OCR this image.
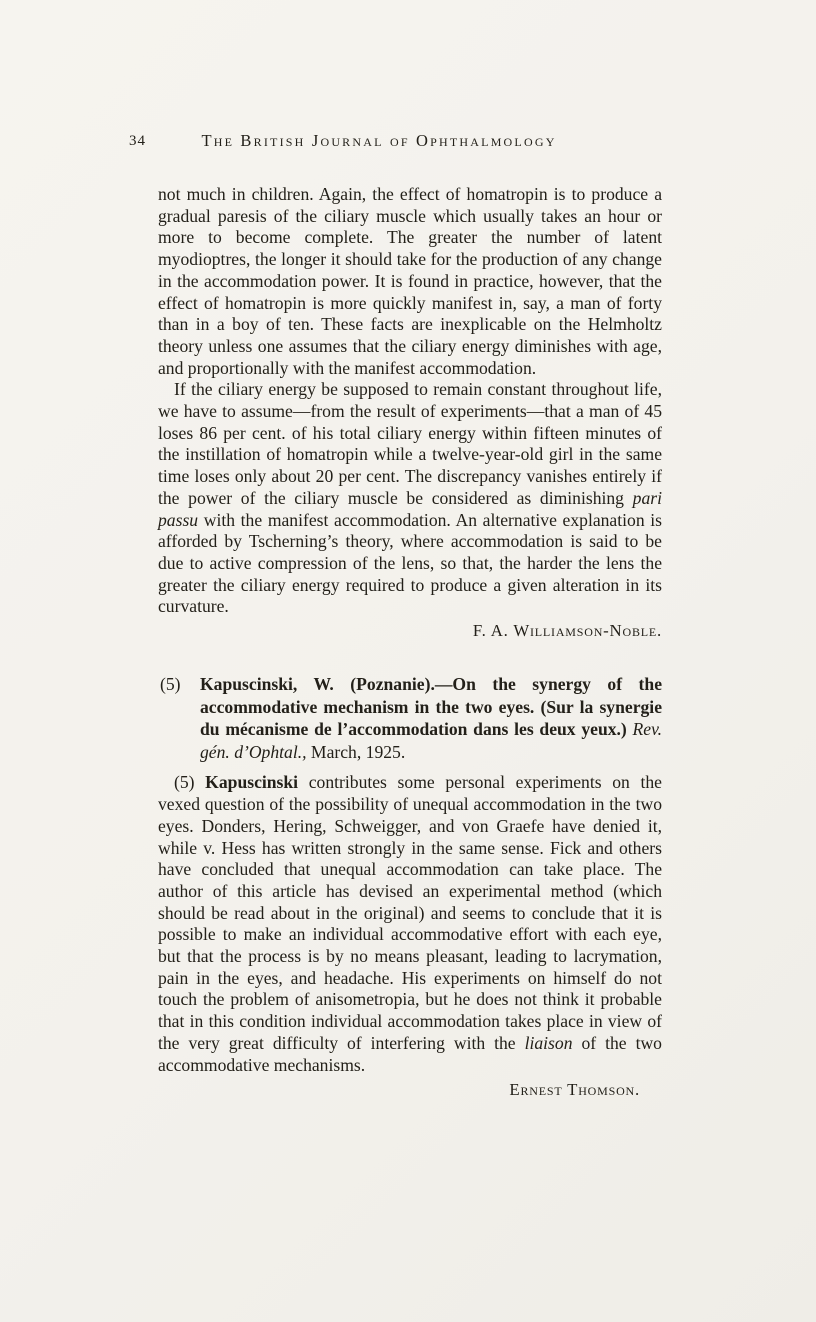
34	The British Journal of Ophthalmology

not much in children. Again, the effect of homatropin is to produce a gradual paresis of the ciliary muscle which usually takes an hour or more to become complete. The greater the number of latent myodioptres, the longer it should take for the production of any change in the accommodation power. It is found in practice, however, that the effect of homatropin is more quickly manifest in, say, a man of forty than in a boy of ten. These facts are inexplicable on the Helmholtz theory unless one assumes that the ciliary energy diminishes with age, and proportionally with the manifest accommodation.

If the ciliary energy be supposed to remain constant throughout life, we have to assume—from the result of experiments—that a man of 45 loses 86 per cent. of his total ciliary energy within fifteen minutes of the instillation of homatropin while a twelve-year-old girl in the same time loses only about 20 per cent. The discrepancy vanishes entirely if the power of the ciliary muscle be considered as diminishing pari passu with the manifest accommodation. An alternative explanation is afforded by Tscherning’s theory, where accommodation is said to be due to active compression of the lens, so that, the harder the lens the greater the ciliary energy required to produce a given alteration in its curvature.

F. A. Williamson-Noble.

(5) Kapuscinski, W. (Poznanie).—On the synergy of the accommodative mechanism in the two eyes. (Sur la synergie du mécanisme de l’accommodation dans les deux yeux.) Rev. gén. d’Ophtal., March, 1925.

(5) Kapuscinski contributes some personal experiments on the vexed question of the possibility of unequal accommodation in the two eyes. Donders, Hering, Schweigger, and von Graefe have denied it, while v. Hess has written strongly in the same sense. Fick and others have concluded that unequal accommodation can take place. The author of this article has devised an experimental method (which should be read about in the original) and seems to conclude that it is possible to make an individual accommodative effort with each eye, but that the process is by no means pleasant, leading to lacrymation, pain in the eyes, and headache. His experiments on himself do not touch the problem of anisometropia, but he does not think it probable that in this condition individual accommodation takes place in view of the very great difficulty of interfering with the liaison of the two accommodative mechanisms.

Ernest Thomson.
